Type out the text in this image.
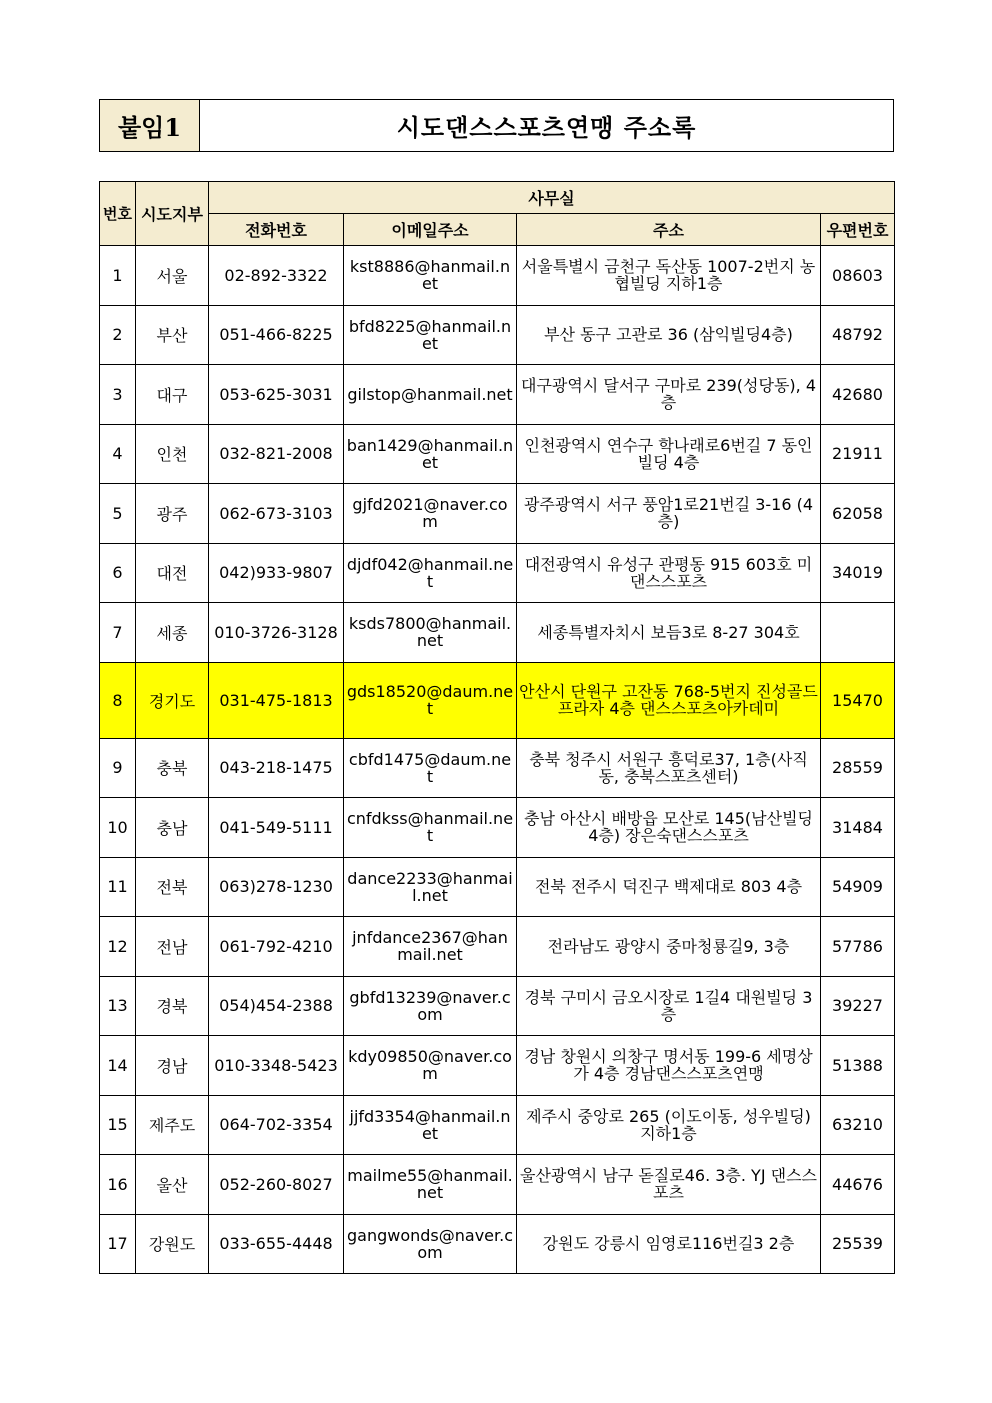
붙임1	시도댄스스포츠연맹 주소록
번호	시도지부	사무실			
		전화번호	이메일주소	주소	우편번호
1	서울	02-892-3322	kst8886@hanmail.net	서울특별시 금천구 독산동 1007-2번지 농협빌딩 지하1층	08603
2	부산	051-466-8225	bfd8225@hanmail.net	부산 동구 고관로 36 (삼익빌딩4층)	48792
3	대구	053-625-3031	gilstop@hanmail.net	대구광역시 달서구 구마로 239(성당동), 4층	42680
4	인천	032-821-2008	ban1429@hanmail.net	인천광역시 연수구 학나래로6번길 7 동인빌딩 4층	21911
5	광주	062-673-3103	gjfd2021@naver.com	광주광역시 서구 풍암1로21번길 3-16 (4층)	62058
6	대전	042)933-9807	djdf042@hanmail.net	대전광역시 유성구 관평동 915 603호 미댄스스포츠	34019
7	세종	010-3726-3128	ksds7800@hanmail.net	세종특별자치시 보듬3로 8-27 304호	
8	경기도	031-475-1813	gds18520@daum.net	안산시 단원구 고잔동 768-5번지 진성골드프라자 4층 댄스스포츠아카데미	15470
9	충북	043-218-1475	cbfd1475@daum.net	충북 청주시 서원구 흥덕로37, 1층(사직동, 충북스포츠센터)	28559
10	충남	041-549-5111	cnfdkss@hanmail.net	충남 아산시 배방읍 모산로 145(남산빌딩 4층) 장은숙댄스스포츠	31484
11	전북	063)278-1230	dance2233@hanmail.net	전북 전주시 덕진구 백제대로 803 4층	54909
12	전남	061-792-4210	jnfdance2367@hanmail.net	전라남도 광양시 중마청룡길9, 3층	57786
13	경북	054)454-2388	gbfd13239@naver.com	경북 구미시 금오시장로 1길4 대원빌딩 3층	39227
14	경남	010-3348-5423	kdy09850@naver.com	경남 창원시 의창구 명서동 199-6 세명상가 4층 경남댄스스포츠연맹	51388
15	제주도	064-702-3354	jjfd3354@hanmail.net	제주시 중앙로 265 (이도이동, 성우빌딩) 지하1층	63210
16	울산	052-260-8027	mailme55@hanmail.net	울산광역시 남구 돋질로46. 3층. YJ 댄스스포츠	44676
17	강원도	033-655-4448	gangwonds@naver.com	강원도 강릉시 임영로116번길3 2층	25539
